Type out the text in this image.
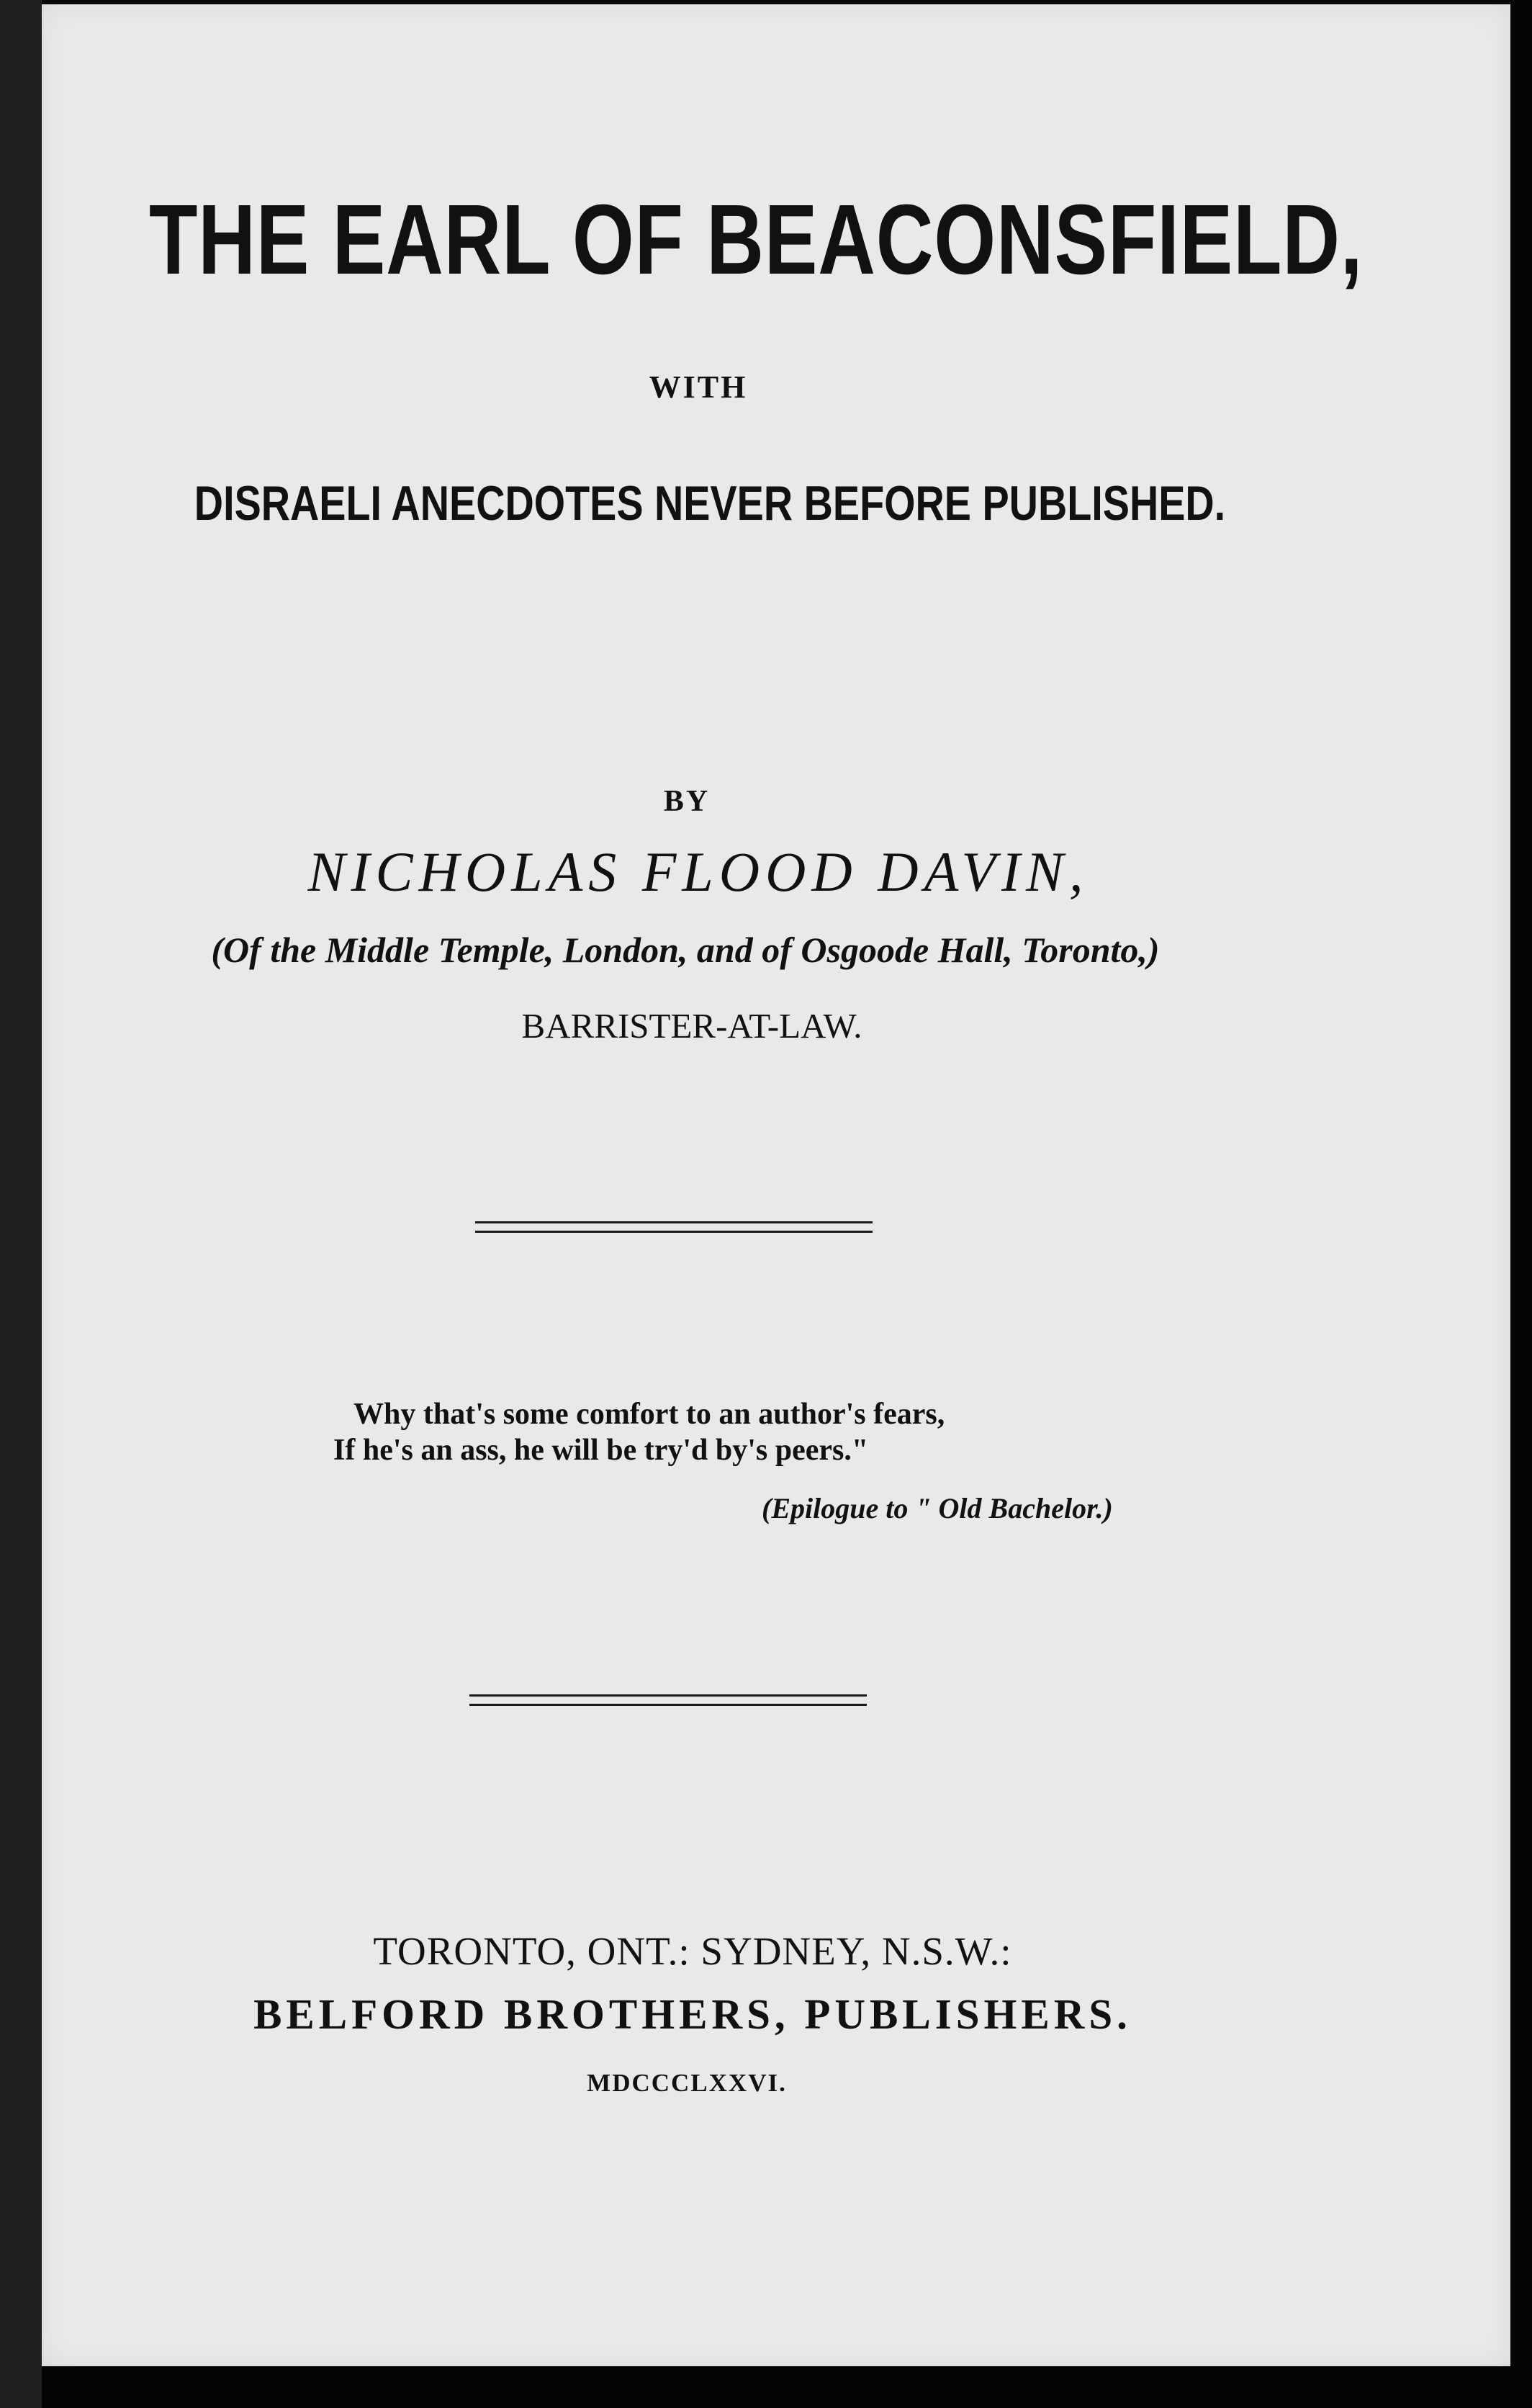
THE EARL OF BEACONSFIELD,
WITH
DISRAELI ANECDOTES NEVER BEFORE PUBLISHED.
BY
NICHOLAS FLOOD DAVIN,
(Of the Middle Temple, London, and of Osgoode Hall, Toronto,)
BARRISTER-AT-LAW.
Why that's some comfort to an author's fears,
If he's an ass, he will be try'd by's peers."
(Epilogue to " Old Bachelor.)
TORONTO, ONT.: SYDNEY, N.S.W.:
BELFORD BROTHERS, PUBLISHERS.
MDCCCLXXVI.
